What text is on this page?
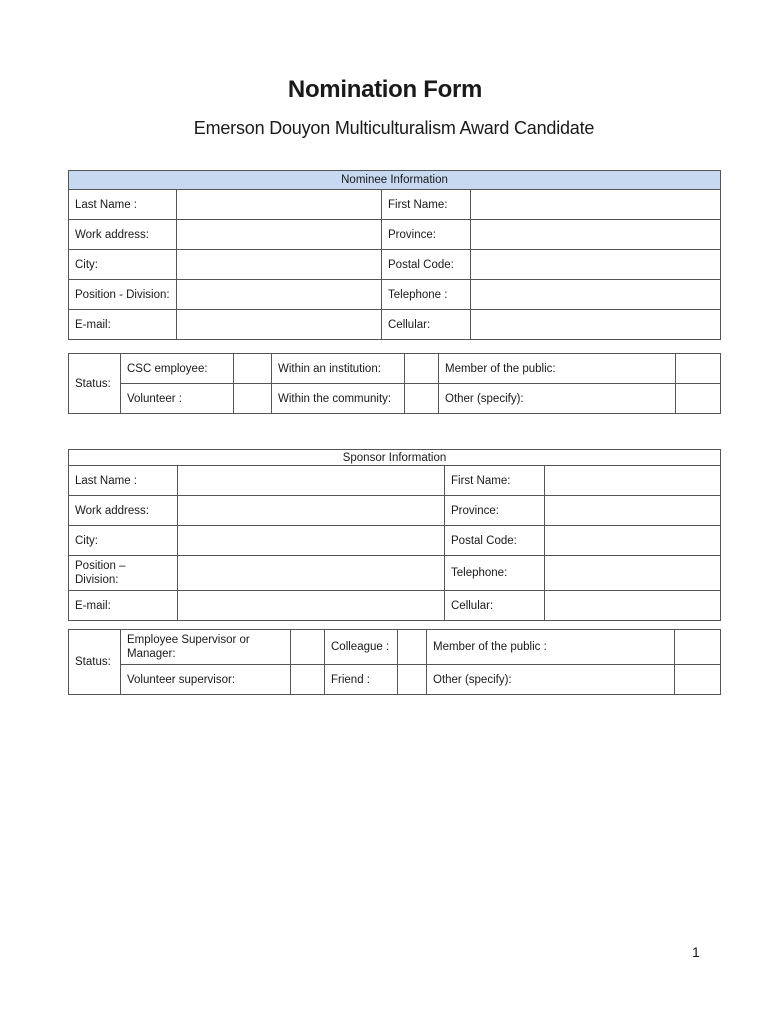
Nomination Form
Emerson Douyon Multiculturalism Award Candidate
Nominee Information			
Last Name :		First Name:	
Work address:		Province:	
City:		Postal Code:	
Position - Division:		Telephone :	
E-mail:		Cellular:	
Status:	CSC employee:		Within an institution:		Member of the public:	
	Volunteer :		Within the community:		Other (specify):	
Sponsor Information			
Last Name :		First Name:	
Work address:		Province:	
City:		Postal Code:	
Position – Division:		Telephone:	
E-mail:		Cellular:	
Status:	Employee Supervisor or Manager:		Colleague :		Member of the public :	
	Volunteer supervisor:		Friend :		Other (specify):	
1
